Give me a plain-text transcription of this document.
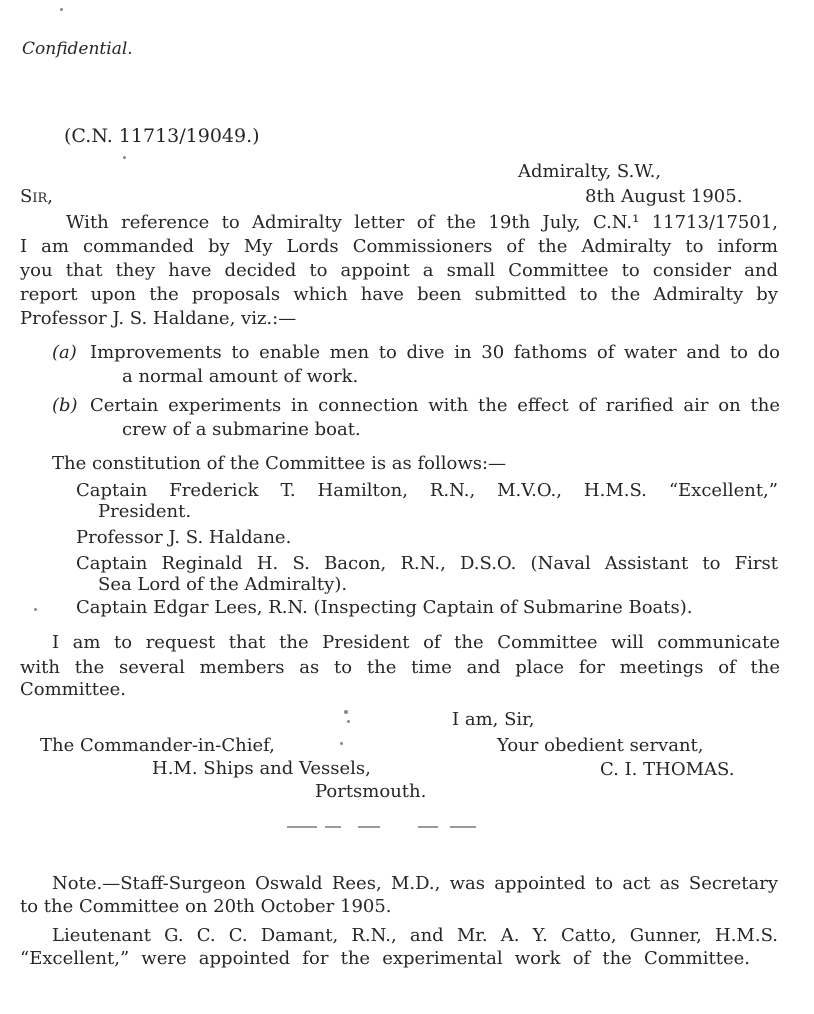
Confidential.
(C.N. 11713/19049.)
Admiralty, S.W.,
Sir,	8th August 1905.
With reference to Admiralty letter of the 19th July, C.N.¹ 11713/17501,
I am commanded by My Lords Commissioners of the Admiralty to inform
you that they have decided to appoint a small Committee to consider and
report upon the proposals which have been submitted to the Admiralty by
Professor J. S. Haldane, viz.:—
(a) Improvements to enable men to dive in 30 fathoms of water and to do
a normal amount of work.
(b) Certain experiments in connection with the effect of rarified air on the
crew of a submarine boat.
The constitution of the Committee is as follows:—
Captain Frederick T. Hamilton, R.N., M.V.O., H.M.S. “Excellent,”
President.
Professor J. S. Haldane.
Captain Reginald H. S. Bacon, R.N., D.S.O. (Naval Assistant to First
Sea Lord of the Admiralty).
Captain Edgar Lees, R.N. (Inspecting Captain of Submarine Boats).
I am to request that the President of the Committee will communicate
with the several members as to the time and place for meetings of the
Committee.
I am, Sir,
Your obedient servant,
C. I. THOMAS.
The Commander-in-Chief,
H.M. Ships and Vessels,
Portsmouth.
Note.—Staff-Surgeon Oswald Rees, M.D., was appointed to act as Secretary
to the Committee on 20th October 1905.
Lieutenant G. C. C. Damant, R.N., and Mr. A. Y. Catto, Gunner, H.M.S.
“Excellent,” were appointed for the experimental work of the Committee.
